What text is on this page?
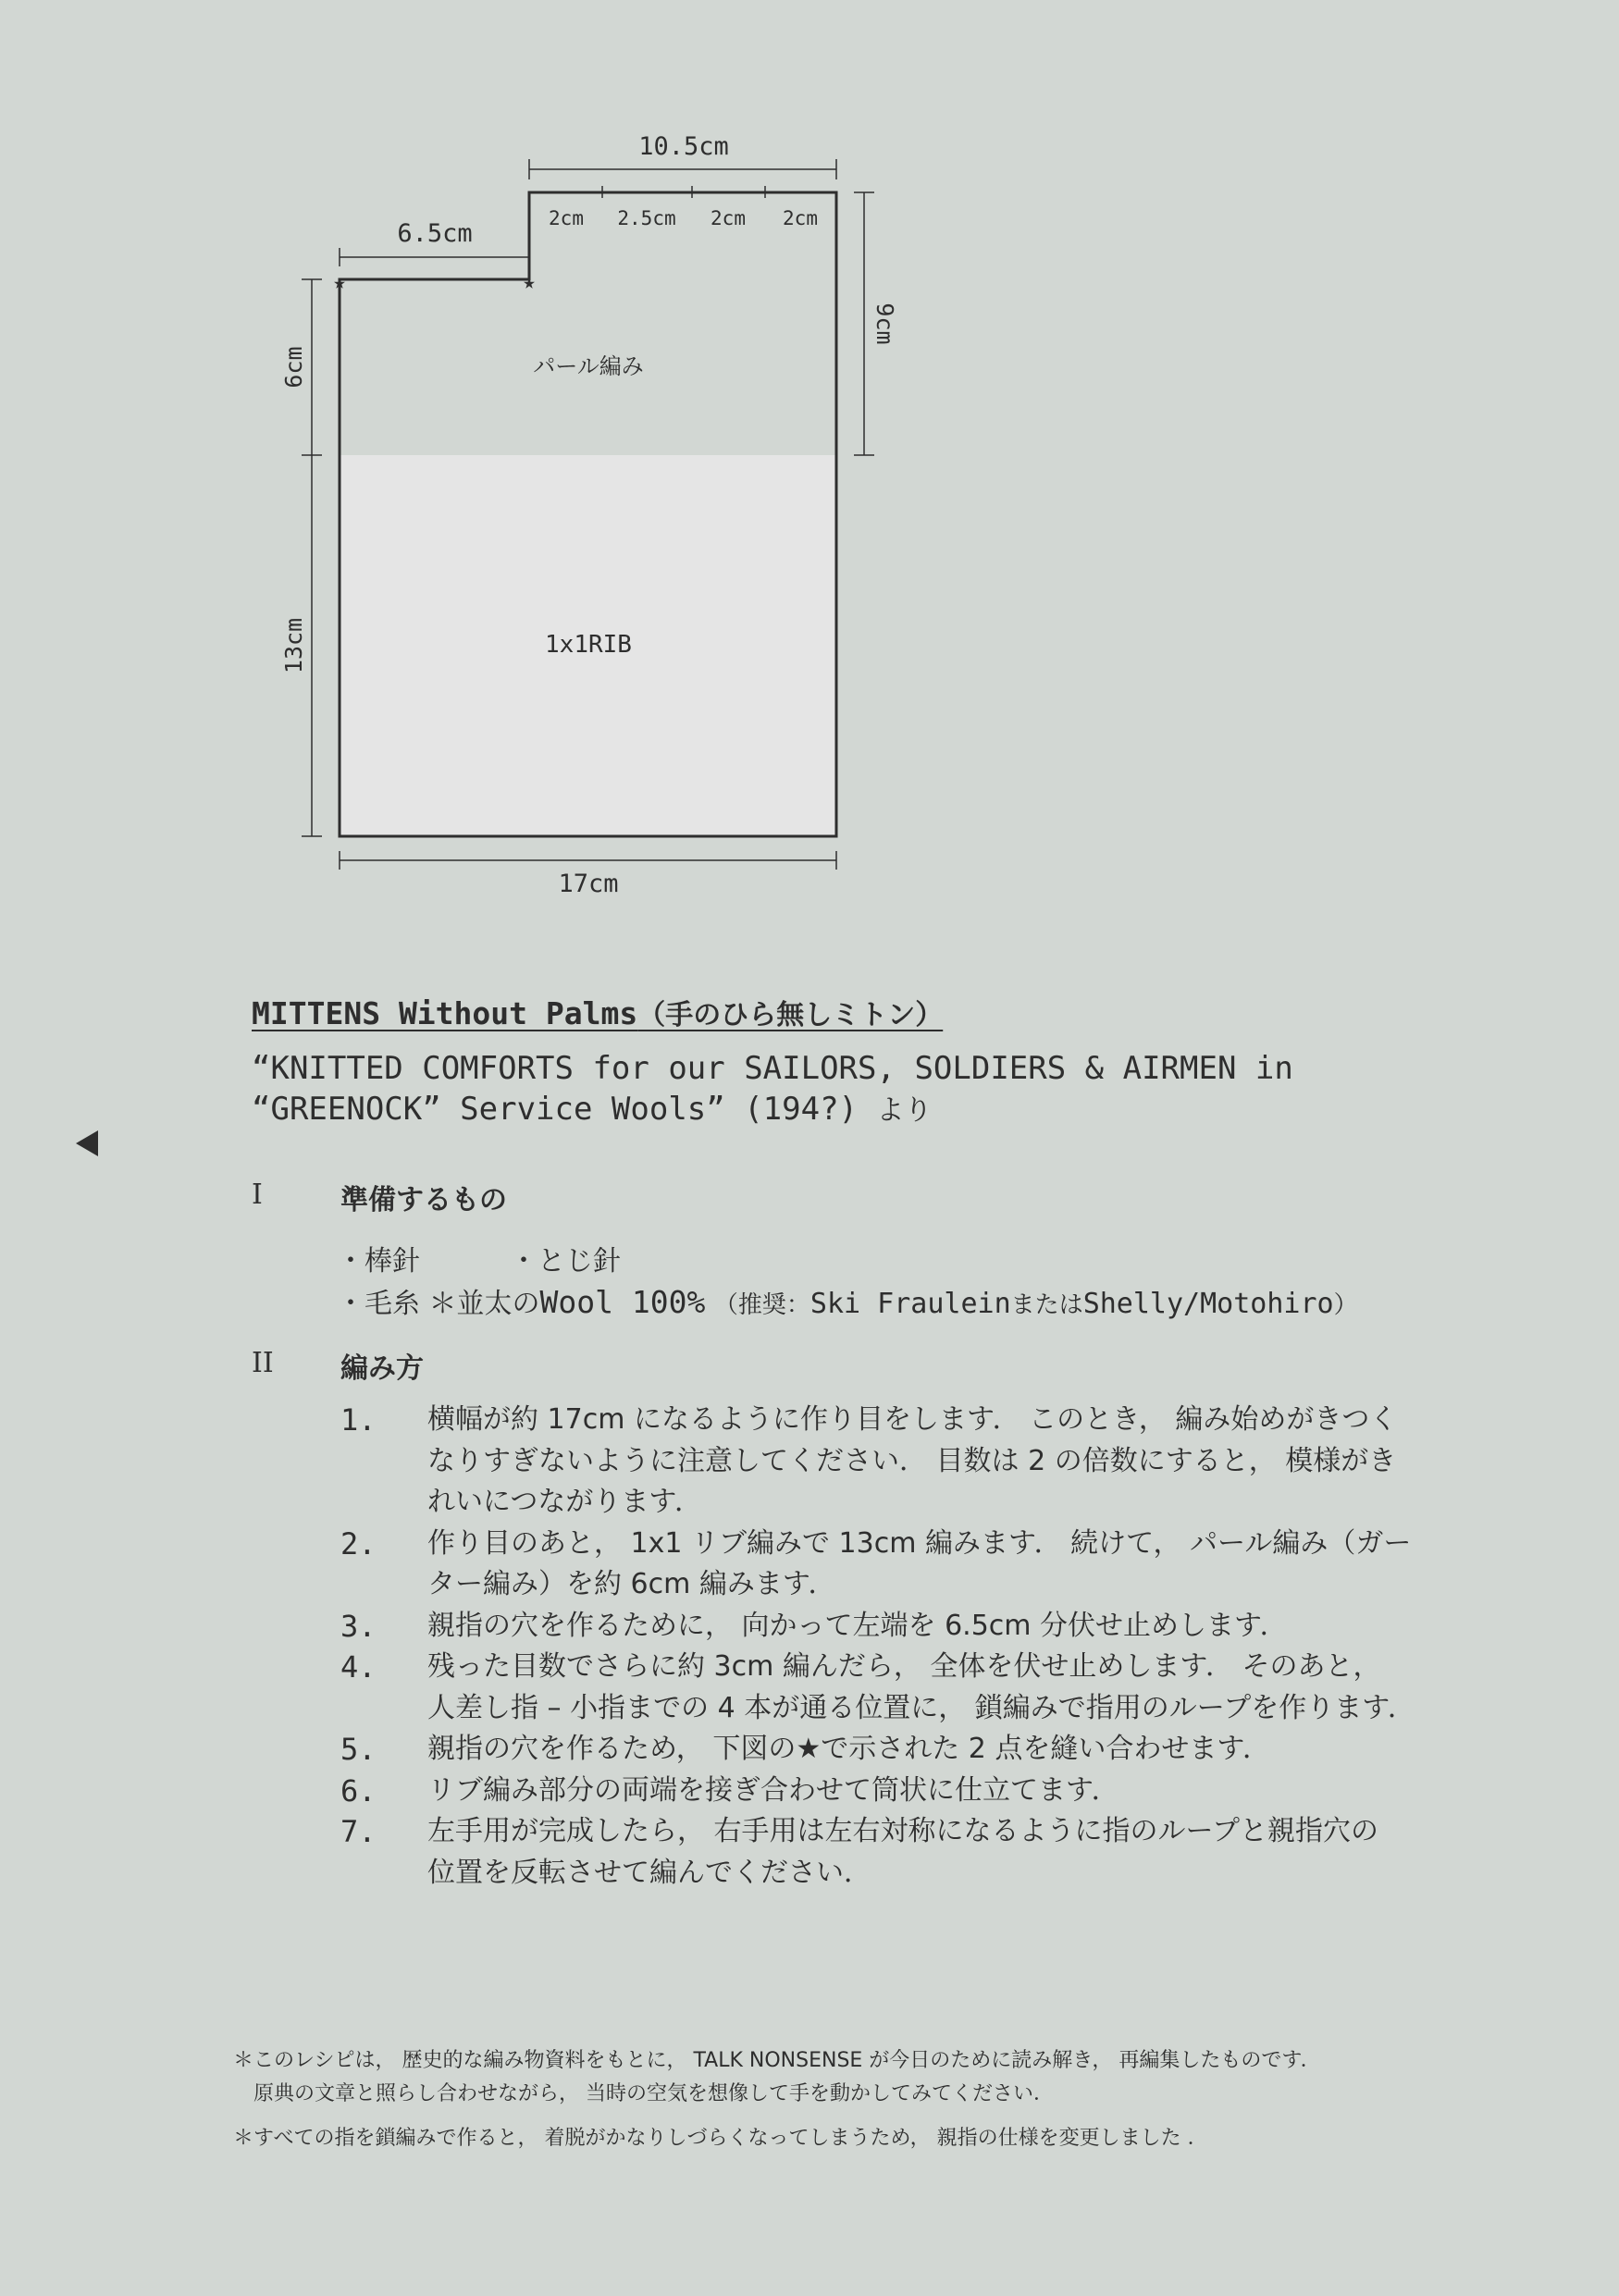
★	★
10.5cm
2cm 2.5cm 2cm 2cm
6.5cm
9cm
6cm
13cm
17cm
パール編み
1x1RIB
MITTENS Without Palms（手のひら無しミトン）
“KNITTED COMFORTS for our SAILORS, SOLDIERS & AIRMEN in
“GREENOCK” Service Wools” (194?) より
I	準備するもの
・棒針	・とじ針
・毛糸 ＊並太のWool 100% （推奨：Ski FrauleinまたはShelly/Motohiro）
II 編み方
1. 横幅が約 17cm になるように作り目をします． このとき， 編み始めがきつく
なりすぎないように注意してください． 目数は 2 の倍数にすると， 模様がき
れいにつながります．
2. 作り目のあと， 1x1 リブ編みで 13cm 編みます． 続けて， パール編み（ガー
ター編み）を約 6cm 編みます．
3. 親指の穴を作るために， 向かって左端を 6.5cm 分伏せ止めします．
4. 残った目数でさらに約 3cm 編んだら， 全体を伏せ止めします． そのあと，
人差し指 – 小指までの 4 本が通る位置に， 鎖編みで指用のループを作ります．
5. 親指の穴を作るため， 下図の★で示された 2 点を縫い合わせます．
6. リブ編み部分の両端を接ぎ合わせて筒状に仕立てます．
7. 左手用が完成したら， 右手用は左右対称になるように指のループと親指穴の
位置を反転させて編んでください．
＊このレシピは， 歴史的な編み物資料をもとに， TALK NONSENSE が今日のために読み解き， 再編集したものです．
　原典の文章と照らし合わせながら， 当時の空気を想像して手を動かしてみてください．
＊すべての指を鎖編みで作ると， 着脱がかなりしづらくなってしまうため， 親指の仕様を変更しました ．
